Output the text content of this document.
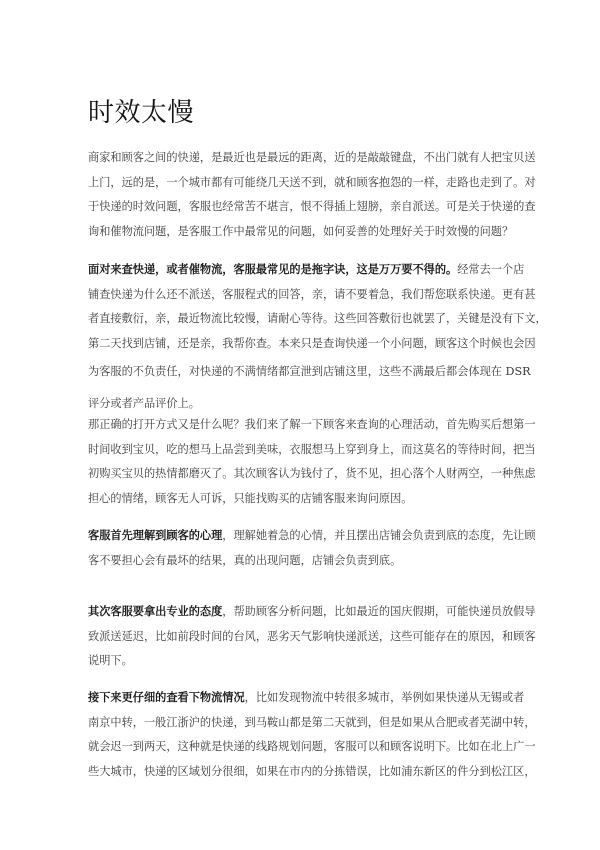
时效太慢
商家和顾客之间的快递，是最近也是最远的距离，近的是敲敲键盘，不出门就有人把宝贝送
上门，远的是，一个城市都有可能绕几天送不到，就和顾客抱怨的一样，走路也走到了。对
于快递的时效问题，客服也经常苦不堪言，恨不得插上翅膀，亲自派送。可是关于快递的查
询和催物流问题，是客服工作中最常见的问题，如何妥善的处理好关于时效慢的问题？
面对来查快递，或者催物流，客服最常见的是拖字诀，这是万万要不得的。经常去一个店
铺查快递为什么还不派送，客服程式的回答，亲，请不要着急，我们帮您联系快递。更有甚
者直接敷衍，亲，最近物流比较慢，请耐心等待。这些回答敷衍也就罢了，关键是没有下文，
第二天找到店铺，还是亲，我帮你查。本来只是查询快递一个小问题，顾客这个时候也会因
为客服的不负责任，对快递的不满情绪都宣泄到店铺这里，这些不满最后都会体现在 DSR
评分或者产品评价上。
那正确的打开方式又是什么呢？我们来了解一下顾客来查询的心理活动，首先购买后想第一
时间收到宝贝，吃的想马上品尝到美味，衣服想马上穿到身上，而这莫名的等待时间，把当
初购买宝贝的热情都磨灭了。其次顾客认为钱付了，货不见，担心落个人财两空，一种焦虑
担心的情绪，顾客无人可诉，只能找购买的店铺客服来询问原因。
客服首先理解到顾客的心理，理解她着急的心情，并且摆出店铺会负责到底的态度，先让顾
客不要担心会有最坏的结果，真的出现问题，店铺会负责到底。
其次客服要拿出专业的态度，帮助顾客分析问题，比如最近的国庆假期，可能快递员放假导
致派送延迟，比如前段时间的台风，恶劣天气影响快递派送，这些可能存在的原因，和顾客
说明下。
接下来更仔细的查看下物流情况，比如发现物流中转很多城市，举例如果快递从无锡或者
南京中转，一般江浙沪的快递，到马鞍山都是第二天就到，但是如果从合肥或者芜湖中转，
就会迟一到两天，这种就是快递的线路规划问题，客服可以和顾客说明下。比如在北上广一
些大城市，快递的区域划分很细，如果在市内的分拣错误，比如浦东新区的件分到松江区，
